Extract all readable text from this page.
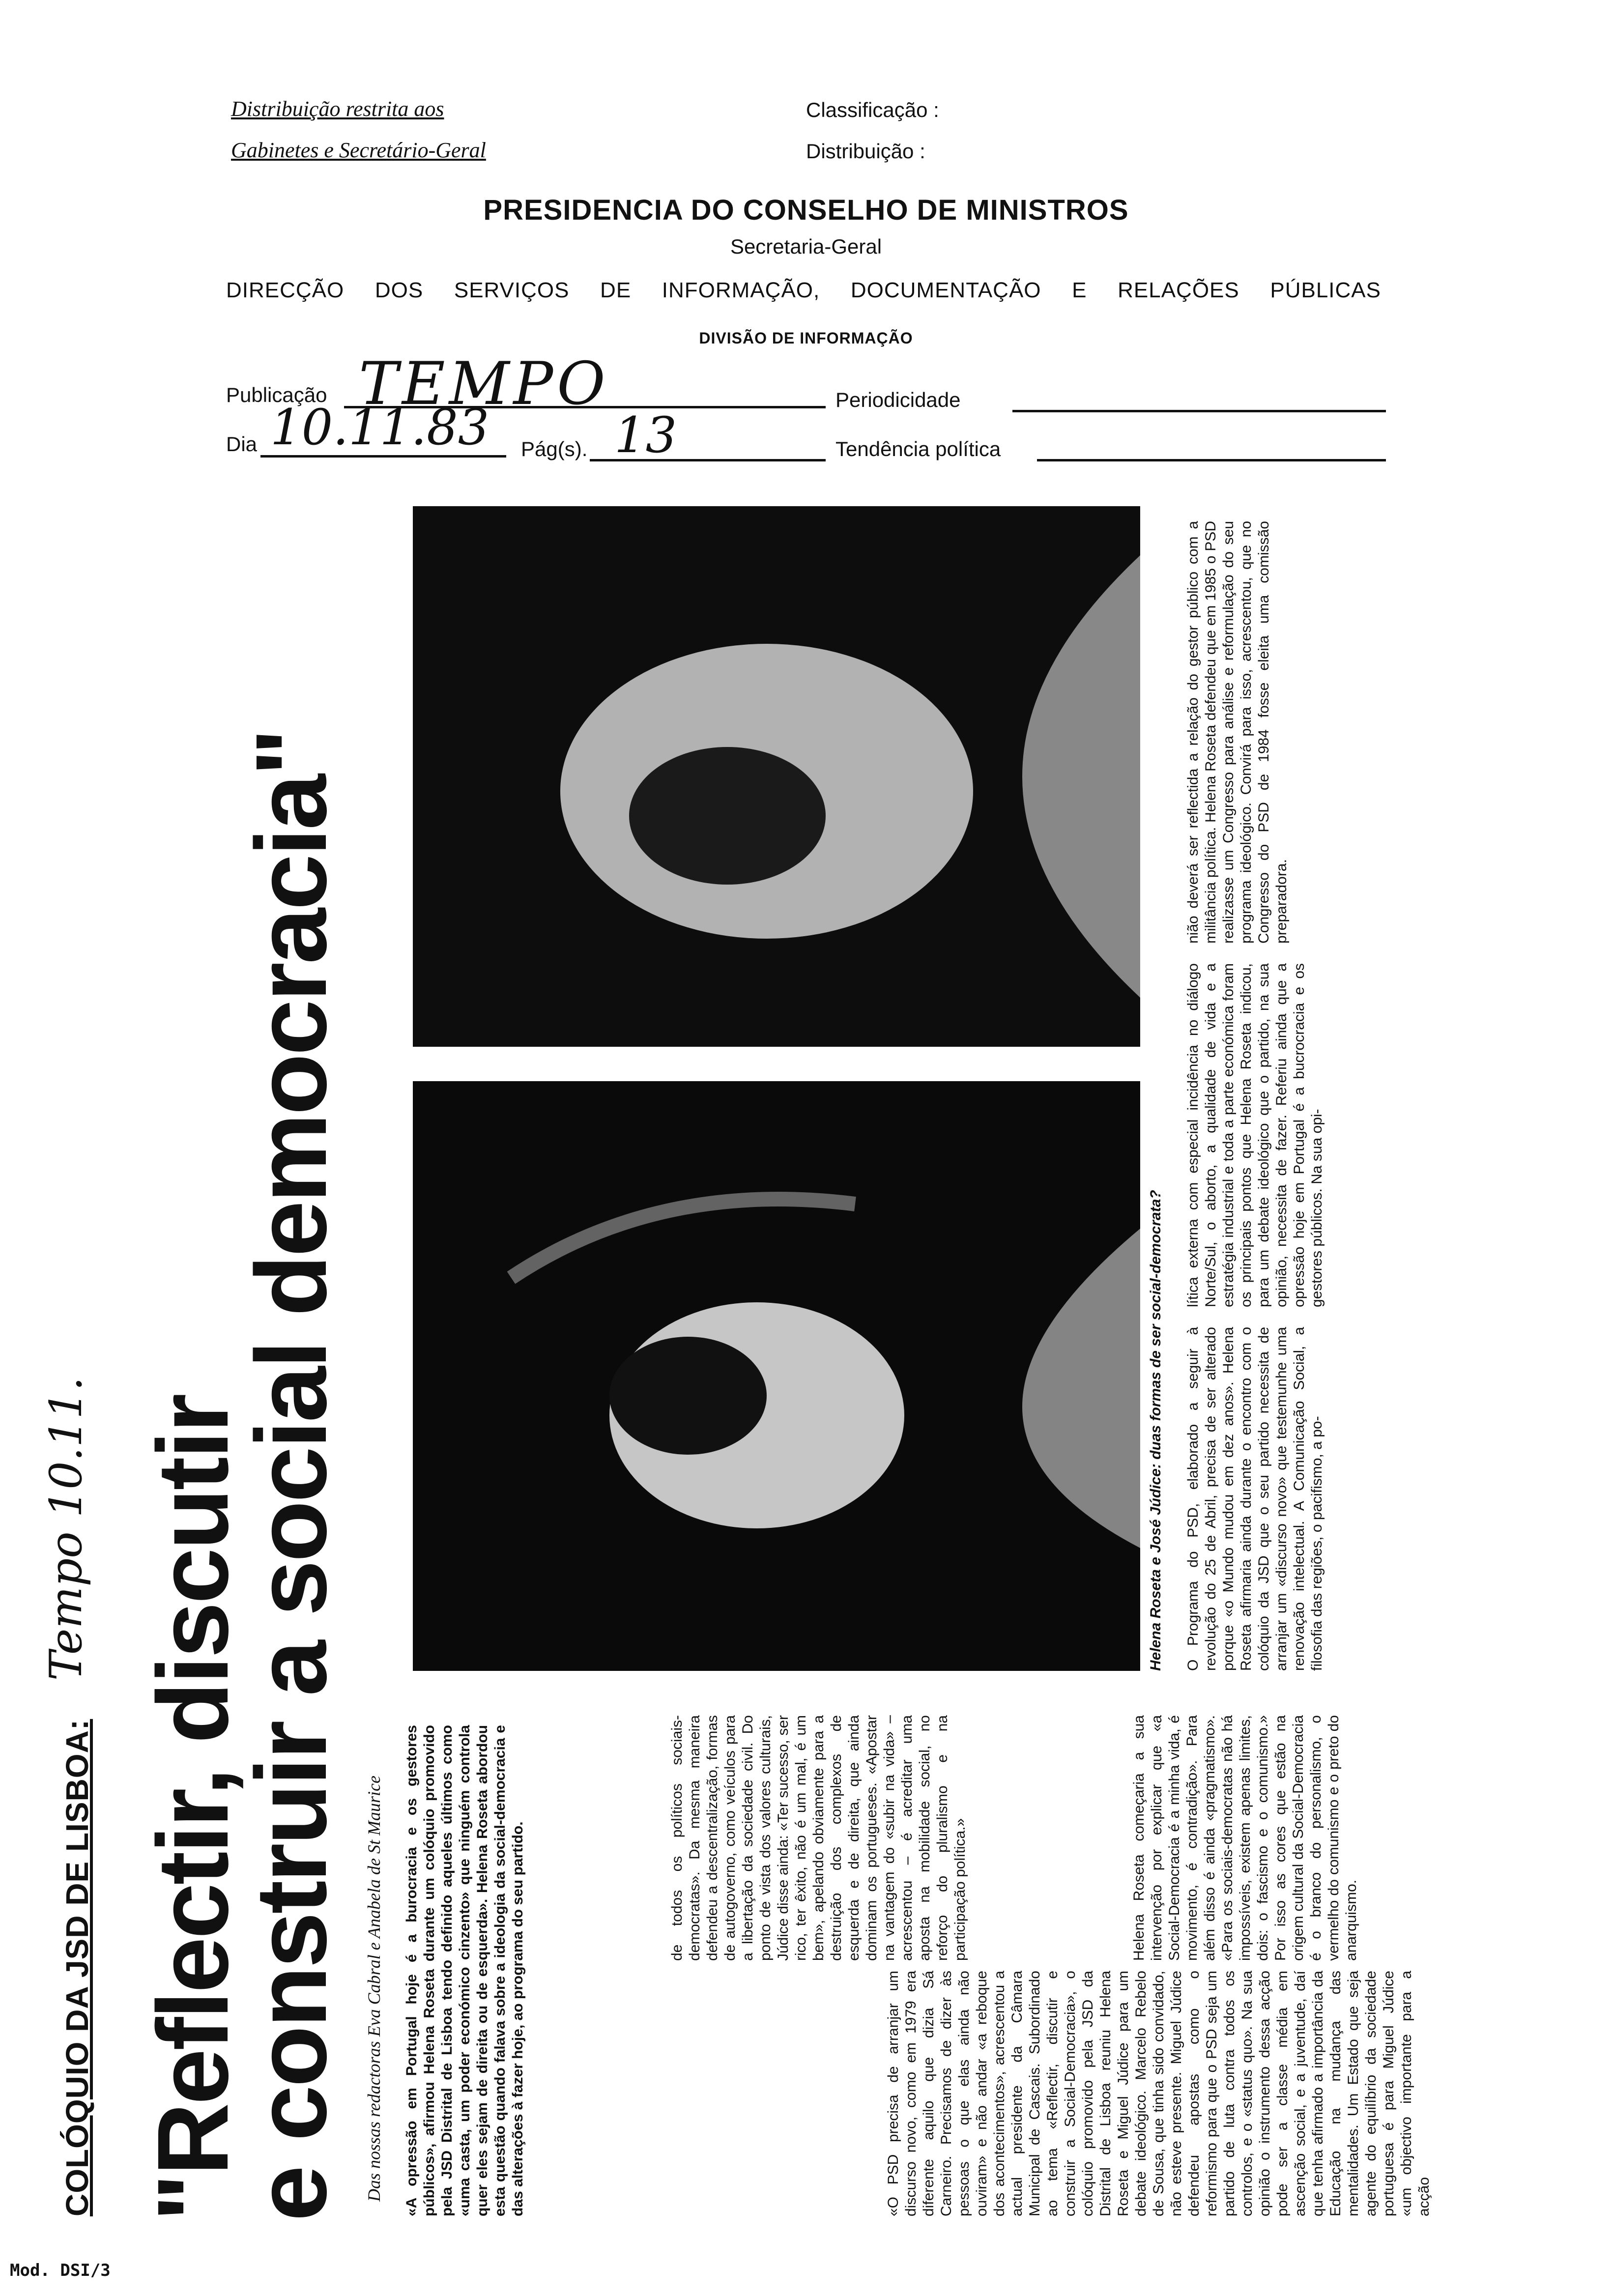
Distribuição restrita aos
Gabinetes e Secretário-Geral
Classificação :
Distribuição :
PRESIDENCIA DO CONSELHO DE MINISTROS
Secretaria-Geral
DIRECÇÃO DOS SERVIÇOS DE INFORMAÇÃO, DOCUMENTAÇÃO E RELAÇÕES PÚBLICAS
DIVISÃO DE INFORMAÇÃO
Publicação TEMPO	Periodicidade
Dia 10.11.83 Pág(s). 13	Tendência política
COLÓQUIO DA JSD DE LISBOA:
Tempo 10.11. "Reflectir, discutir
e construir a social democracia" Das nossas redactoras Eva Cabral e Anabela de St Maurice «A opressão em Portugal hoje é a burocracia e os gestores públicos», afirmou Helena Roseta durante um colóquio promovido pela JSD Distrital de Lisboa tendo definido aqueles últimos como «uma casta, um poder económico cinzento» que ninguém controla quer eles sejam de direita ou de esquerda». Helena Roseta abordou esta questão quando falava sobre a ideologia da social-democracia e das alterações à fazer hoje, ao programa do seu partido.
Helena Roseta e José Júdice: duas formas de ser social-democrata?
«O PSD precisa de arranjar um discurso novo, como em 1979 era diferente aquilo que dizia Sá Carneiro. Precisamos de dizer às pessoas o que elas ainda não ouviram» e não andar «a reboque dos acontecimentos», acrescentou a actual presidente da Câmara Municipal de Cascais. Subordinado ao tema «Reflectir, discutir e construir a Social-Democracia», o colóquio promovido pela JSD da Distrital de Lisboa reuniu Helena Roseta e Miguel Júdice para um debate ideológico. Marcelo Rebelo de Sousa, que tinha sido convidado, não esteve presente. Miguel Júdice defendeu apostas como o reformismo para que o PSD seja um partido de luta contra todos os controlos, e o «status quo». Na sua opinião o instrumento dessa acção pode ser a classe média em ascenção social, e a juventude, daí que tenha afirmado a importância da Educação na mudança das mentalidades. Um Estado que seja agente do equilíbrio da sociedade portuguesa é para Miguel Júdice «um objectivo importante para a acção
de todos os políticos sociais-democratas». Da mesma maneira defendeu a descentralização, formas de autogoverno, como veículos para a libertação da sociedade civil. Do ponto de vista dos valores culturais, Júdice disse ainda: «Ter sucesso, ser rico, ter êxito, não é um mal, é um bem», apelando obviamente para a destruição dos complexos de esquerda e de direita, que ainda dominam os portugueses. «Apostar na vantagem do «subir na vida» – acrescentou – é acreditar uma aposta na mobilidade social, no reforço do pluralismo e na participação política.»	Helena Roseta começaria a sua intervenção por explicar que «a Social-Democracia é a minha vida, é movimento, é contradição». Para além disso é ainda «pragmatismo». «Para os sociais-democratas não há impossíveis, existem apenas limites, dois: o fascismo e o comunismo.» Por isso as cores que estão na origem cultural da Social-Democracia é o branco do personalismo, o vermelho do comunismo e o preto do anarquismo.
O Programa do PSD, elaborado a seguir à revolução do 25 de Abril, precisa de ser alterado porque «o Mundo mudou em dez anos». Helena Roseta afirmaria ainda durante o encontro com o colóquio da JSD que o seu partido necessita de arranjar um «discurso novo» que testemunhe uma renovação intelectual. A Comunicação Social, a filosofia das regiões, o pacifismo, a po-
lítica externa com especial incidência no diálogo Norte/Sul, o aborto, a qualidade de vida e a estratégia industrial e toda a parte económica foram os principais pontos que Helena Roseta indicou, para um debate ideológico que o partido, na sua opinião, necessita de fazer. Referiu ainda que a opressão hoje em Portugal é a bucrocracia e os gestores públicos. Na sua opi-
nião deverá ser reflectida a relação do gestor público com a militância política. Helena Roseta defendeu que em 1985 o PSD realizasse um Congresso para análise e reformulação do seu programa ideológico. Convirá para isso, acrescentou, que no Congresso do PSD de 1984 fosse eleita uma comissão preparadora.
Mod. DSI/3
